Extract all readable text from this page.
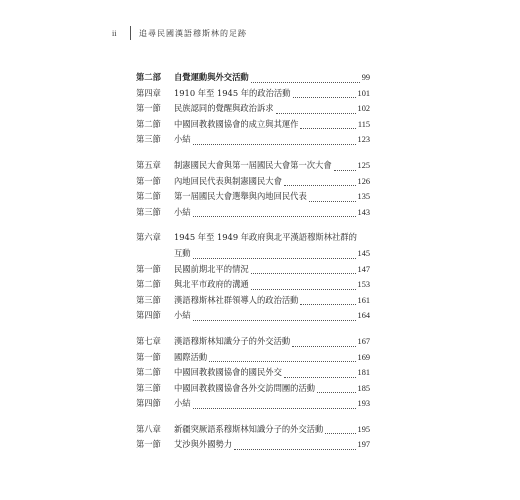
ii	追尋民國漢語穆斯林的足跡
第二部	自覺運動與外交活動	99
第四章	1910 年至 1945 年的政治活動	101
第一節	民族認同的覺醒與政治訴求	102
第二節	中國回教救國協會的成立與其運作	115
第三節	小結	123
第五章	制憲國民大會與第一屆國民大會第一次大會	125
第一節	內地回民代表與制憲國民大會	126
第二節	第一屆國民大會選舉與內地回民代表	135
第三節	小結	143
第六章	1945 年至 1949 年政府與北平漢語穆斯林社群的
互動	145
第一節	民國前期北平的情況	147
第二節	與北平市政府的溝通	153
第三節	漢語穆斯林社群領導人的政治活動	161
第四節	小結	164
第七章	漢語穆斯林知識分子的外交活動	167
第一節	國際活動	169
第二節	中國回教救國協會的國民外交	181
第三節	中國回教救國協會各外交訪問團的活動	185
第四節	小結	193
第八章	新疆突厥語系穆斯林知識分子的外交活動	195
第一節	艾沙與外國勢力	197
